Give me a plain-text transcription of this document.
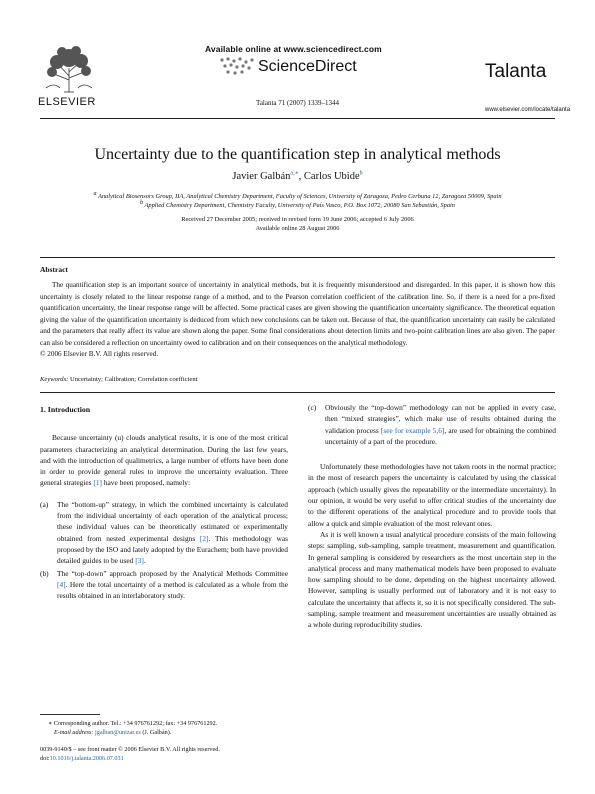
ELSEVIER
Available online at www.sciencedirect.com
ScienceDirect
Talanta 71 (2007) 1339–1344
Talanta
www.elsevier.com/locate/talanta
Uncertainty due to the quantification step in analytical methods
Javier Galbán$^{a,∗}$, Carlos Ubide$^b$
$^a$ Analytical Biosensors Group, IIA, Analytical Chemistry Department, Faculty of Sciences, University of Zaragoza, Pedro Cerbuna 12, Zaragoza 50009, Spain
$^b$ Applied Chemistry Department, Chemistry Faculty, University of País Vasco, P.O. Box 1072, 20080 San Sebastián, Spain
Received 27 December 2005; received in revised form 19 June 2006; accepted 6 July 2006
Available online 28 August 2006
Abstract
The quantification step is an important source of uncertainty in analytical methods, but it is frequently misunderstood and disregarded. In this paper, it is shown how this uncertainty is closely related to the linear response range of a method, and to the Pearson correlation coefficient of the calibration line. So, if there is a need for a pre-fixed quantification uncertainty, the linear response range will be affected. Some practical cases are given showing the quantification uncertainty significance. The theoretical equation giving the value of the quantification uncertainty is deduced from which new conclusions can be taken out. Because of that, the quantification uncertainty can easily be calculated and the parameters that really affect its value are shown along the paper. Some final considerations about detection limits and two-point calibration lines are also given. The paper can also be considered a reflection on uncertainty owed to calibration and on their consequences on the analytical methodology.
© 2006 Elsevier B.V. All rights reserved.
Keywords: Uncertainty; Calibration; Correlation coefficient
1. Introduction
Because uncertainty (u) clouds analytical results, it is one of the most critical parameters characterizing an analytical determination. During the last few years, and with the introduction of qualimetrics, a large number of efforts have been done in order to provide general rules to improve the uncertainty evaluation. Three general strategies [1] have been proposed, namely:
(a)	The “bottom-up” strategy, in which the combined uncertainty is calculated from the individual uncertainty of each operation of the analytical process; these individual values can be theoretically estimated or experimentally obtained from nested experimental designs [2]. This methodology was proposed by the ISO and lately adopted by the Eurachem; both have provided detailed guides to be used [3].
(b)	The “top-down” approach proposed by the Analytical Methods Committee [4]. Here the total uncertainty of a method is calculated as a whole from the results obtained in an interlaboratory study.
∗ Corresponding author. Tel.: +34 976761292; fax: +34 976761292.
E-mail address: jgalban@unizar.es (J. Galbán).
0039-9140/$ – see front matter © 2006 Elsevier B.V. All rights reserved.
doi:10.1016/j.talanta.2006.07.031
(c)	Obviously the “top-down” methodology can not be applied in every case, then “mixed strategies”, which make use of results obtained during the validation process [see for example 5,6], are used for obtaining the combined uncertainty of a part of the procedure.
Unfortunately these methodologies have not taken roots in the normal practice; in the most of research papers the uncertainty is calculated by using the classical approach (which usually gives the repeatability or the intermediate uncertainty). In our opinion, it would be very useful to offer critical studies of the uncertainty due to the different operations of the analytical procedure and to provide tools that allow a quick and simple evaluation of the most relevant ones.
As it is well known a usual analytical procedure consists of the main following steps: sampling, sub-sampling, sample treatment, measurement and quantification. In general sampling is considered by researchers as the most uncertain step in the analytical process and many mathematical models have been proposed to evaluate how sampling should to be done, depending on the highest uncertainty allowed. However, sampling is usually performed out of laboratory and it is not easy to calculate the uncertainty that affects it, so it is not specifically considered. The sub-sampling, sample treatment and measurement uncertainties are usually obtained as a whole during reproducibility studies.
